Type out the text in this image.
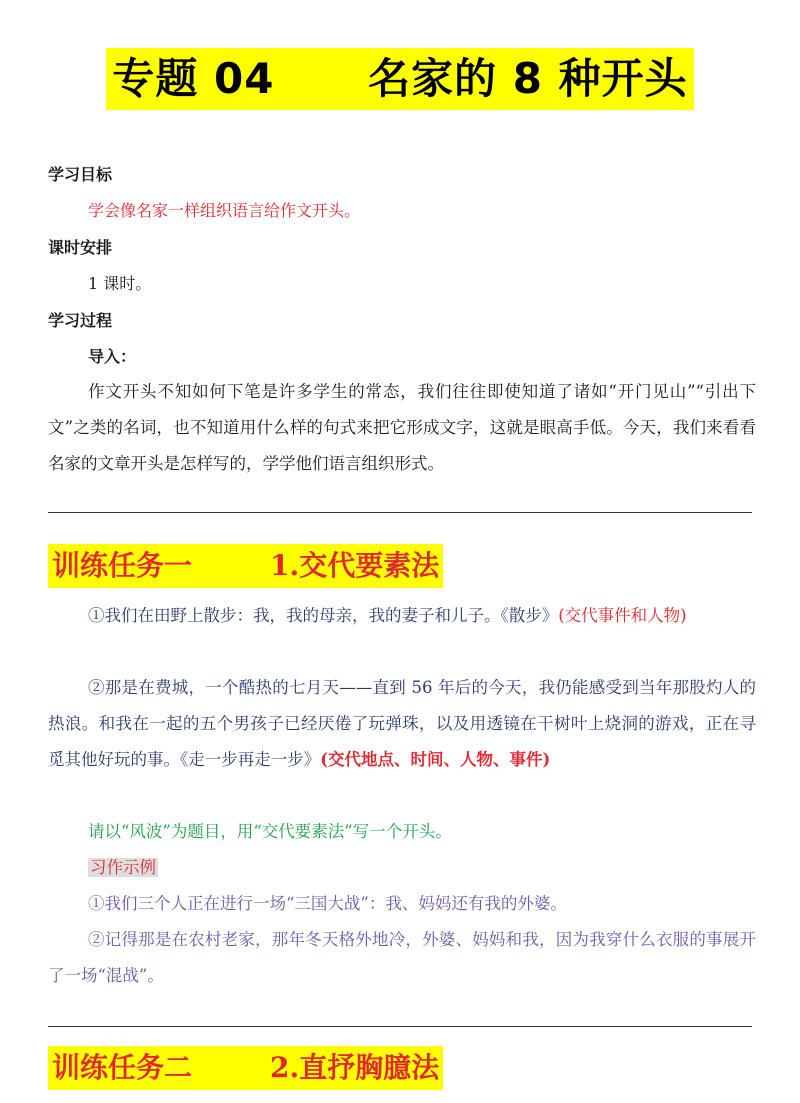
专题 04      名家的 8 种开头
学习目标
学会像名家一样组织语言给作文开头。
课时安排
1 课时。
学习过程
导入：
作文开头不知如何下笔是许多学生的常态，我们往往即使知道了诸如“开门见山”“引出下文”之类的名词，也不知道用什么样的句式来把它形成文字，这就是眼高手低。今天，我们来看看名家的文章开头是怎样写的，学学他们语言组织形式。
训练任务一        1.交代要素法
①我们在田野上散步：我，我的母亲，我的妻子和儿子。《散步》(交代事件和人物)
②那是在费城，一个酷热的七月天——直到 56 年后的今天，我仍能感受到当年那股灼人的热浪。和我在一起的五个男孩子已经厌倦了玩弹珠，以及用透镜在干树叶上烧洞的游戏，正在寻觅其他好玩的事。《走一步再走一步》(交代地点、时间、人物、事件)
请以“风波”为题目，用“交代要素法”写一个开头。
习作示例
①我们三个人正在进行一场“三国大战”：我、妈妈还有我的外婆。
②记得那是在农村老家，那年冬天格外地冷，外婆、妈妈和我，因为我穿什么衣服的事展开了一场“混战”。
训练任务二        2.直抒胸臆法
